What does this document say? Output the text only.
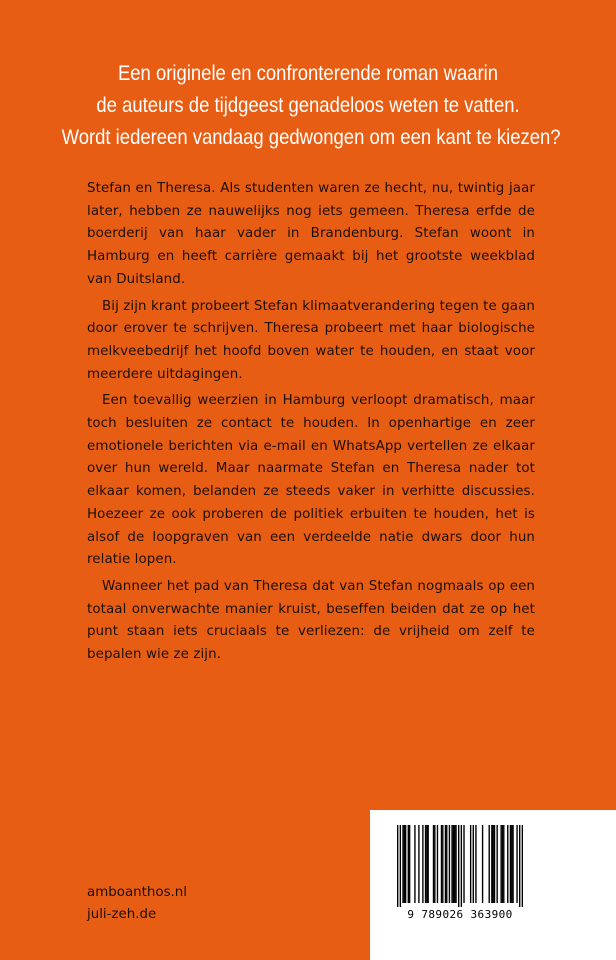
Een originele en confronterende roman waarin
de auteurs de tijdgeest genadeloos weten te vatten.
Wordt iedereen vandaag gedwongen om een kant te kiezen?

Stefan en Theresa. Als studenten waren ze hecht, nu, twintig jaar later, hebben ze nauwelijks nog iets gemeen. Theresa erfde de boerderij van haar vader in Brandenburg. Stefan woont in Hamburg en heeft carrière gemaakt bij het grootste weekblad van Duitsland.

Bij zijn krant probeert Stefan klimaatverandering tegen te gaan door erover te schrijven. Theresa probeert met haar biologische melkveebedrijf het hoofd boven water te houden, en staat voor meerdere uitdagingen.

Een toevallig weerzien in Hamburg verloopt dramatisch, maar toch besluiten ze contact te houden. In openhartige en zeer emotionele berichten via e-mail en WhatsApp vertellen ze elkaar over hun wereld. Maar naarmate Stefan en Theresa nader tot elkaar komen, belanden ze steeds vaker in verhitte discussies. Hoezeer ze ook proberen de politiek erbuiten te houden, het is alsof de loopgraven van een verdeelde natie dwars door hun relatie lopen.

Wanneer het pad van Theresa dat van Stefan nogmaals op een totaal onverwachte manier kruist, beseffen beiden dat ze op het punt staan iets cruciaals te verliezen: de vrijheid om zelf te bepalen wie ze zijn.

amboanthos.nl
juli-zeh.de	9 789026 363900
